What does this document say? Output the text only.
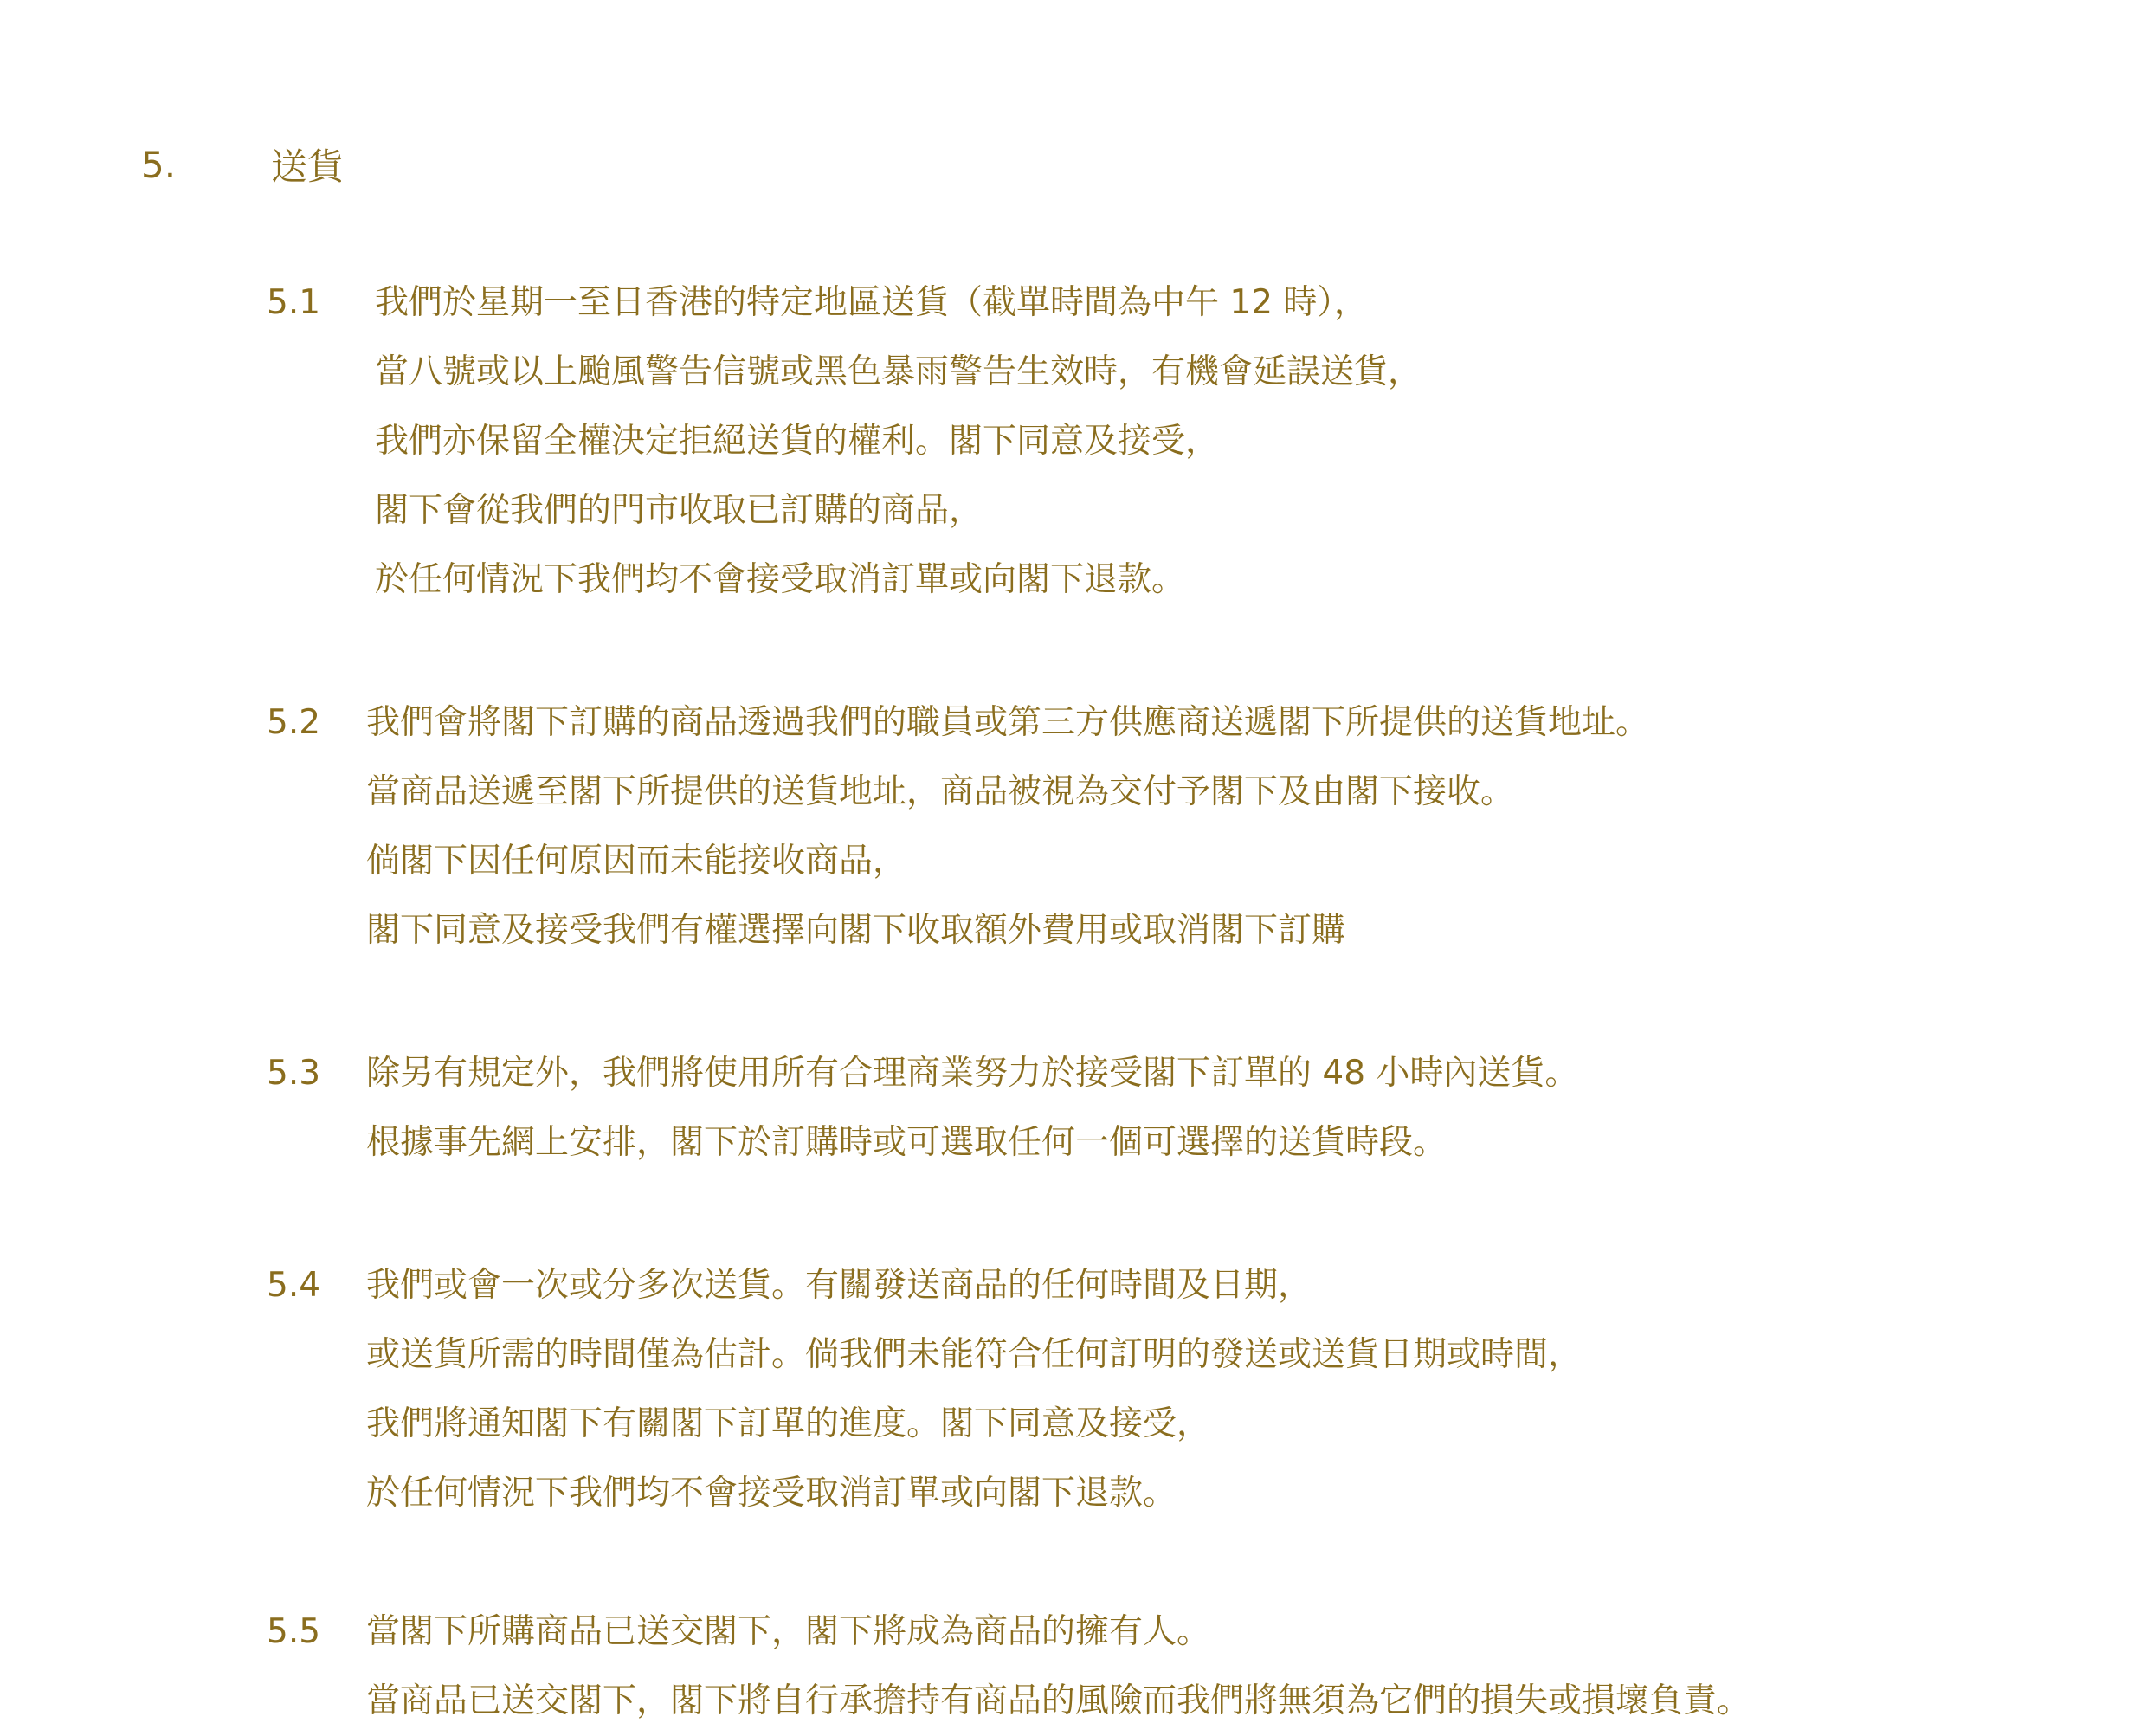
5.	送貨
5.1	我們於星期一至日香港的特定地區送貨（截單時間為中午 12 時），
當八號或以上颱風警告信號或黑色暴雨警告生效時，有機會延誤送貨，
我們亦保留全權決定拒絕送貨的權利。閣下同意及接受，
閣下會從我們的門市收取已訂購的商品，
於任何情況下我們均不會接受取消訂單或向閣下退款。
5.2	我們會將閣下訂購的商品透過我們的職員或第三方供應商送遞閣下所提供的送貨地址。
當商品送遞至閣下所提供的送貨地址，商品被視為交付予閣下及由閣下接收。
倘閣下因任何原因而未能接收商品，
閣下同意及接受我們有權選擇向閣下收取額外費用或取消閣下訂購
5.3	除另有規定外，我們將使用所有合理商業努力於接受閣下訂單的 48 小時內送貨。
根據事先網上安排，閣下於訂購時或可選取任何一個可選擇的送貨時段。
5.4	我們或會一次或分多次送貨。有關發送商品的任何時間及日期，
或送貨所需的時間僅為估計。倘我們未能符合任何訂明的發送或送貨日期或時間，
我們將通知閣下有關閣下訂單的進度。閣下同意及接受，
於任何情況下我們均不會接受取消訂單或向閣下退款。
5.5	當閣下所購商品已送交閣下，閣下將成為商品的擁有人。
當商品已送交閣下，閣下將自行承擔持有商品的風險而我們將無須為它們的損失或損壞負責。
